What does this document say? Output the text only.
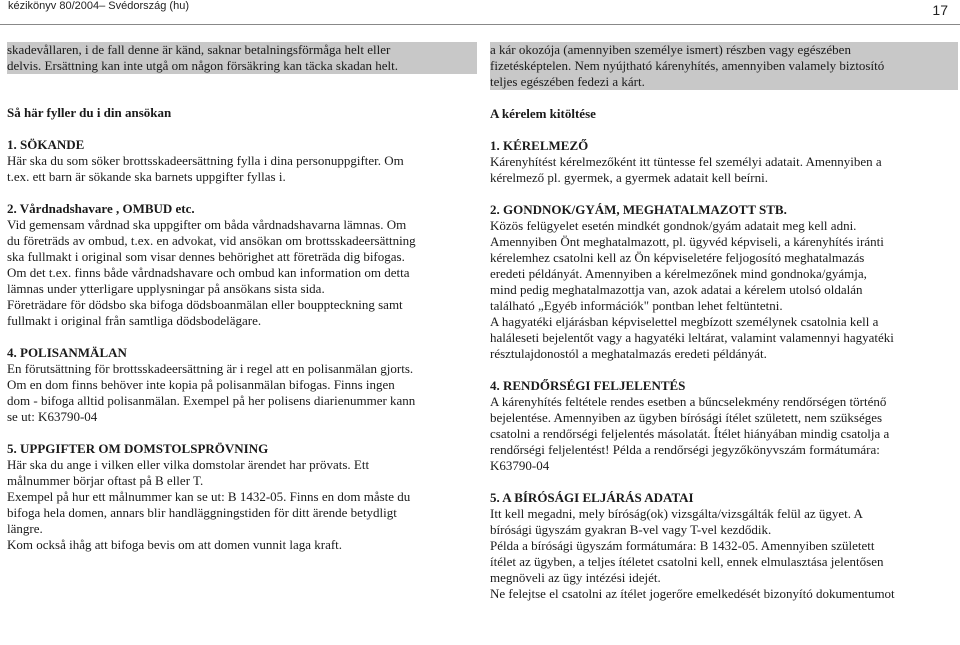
kézikönyv 80/2004– Svédország (hu)	17

skadevållaren, i de fall denne är känd, saknar betalningsförmåga helt eller

delvis. Ersättning kan inte utgå om någon försäkring kan täcka skadan helt.

Så här fyller du i din ansökan

1. SÖKANDE

Här ska du som söker brottsskadeersättning fylla i dina personuppgifter. Om

t.ex. ett barn är sökande ska barnets uppgifter fyllas i.

2. Vårdnadshavare , OMBUD etc.

Vid gemensam vårdnad ska uppgifter om båda vårdnadshavarna lämnas. Om

du företräds av ombud, t.ex. en advokat, vid ansökan om brottsskadeersättning

ska fullmakt i original som visar dennes behörighet att företräda dig bifogas.

Om det t.ex. finns både vårdnadshavare och ombud kan information om detta

lämnas under ytterligare upplysningar på ansökans sista sida.

Företrädare för dödsbo ska bifoga dödsboanmälan eller bouppteckning samt

fullmakt i original från samtliga dödsbodelägare.

4. POLISANMÄLAN

En förutsättning för brottsskadeersättning är i regel att en polisanmälan gjorts.

Om en dom finns behöver inte kopia på polisanmälan bifogas. Finns ingen

dom - bifoga alltid polisanmälan. Exempel på her polisens diarienummer kann

se ut: K63790-04

5. UPPGIFTER OM DOMSTOLSPRÖVNING

Här ska du ange i vilken eller vilka domstolar ärendet har prövats. Ett

målnummer börjar oftast på B eller T.

Exempel på hur ett målnummer kan se ut: B 1432-05. Finns en dom måste du

bifoga hela domen, annars blir handläggningstiden för ditt ärende betydligt

längre.

Kom också ihåg att bifoga bevis om att domen vunnit laga kraft.

a kár okozója (amennyiben személye ismert) részben vagy egészében

fizetésképtelen. Nem nyújtható kárenyhítés, amennyiben valamely biztosító

teljes egészében fedezi a kárt.

A kérelem kitöltése

1. KÉRELMEZŐ

Kárenyhítést kérelmezőként itt tüntesse fel személyi adatait. Amennyiben a

kérelmező pl. gyermek, a gyermek adatait kell beírni.

2. GONDNOK/GYÁM, MEGHATALMAZOTT STB.

Közös felügyelet esetén mindkét gondnok/gyám adatait meg kell adni.

Amennyiben Önt meghatalmazott, pl. ügyvéd képviseli, a kárenyhítés iránti

kérelemhez csatolni kell az Ön képviseletére feljogosító meghatalmazás

eredeti példányát. Amennyiben a kérelmezőnek mind gondnoka/gyámja,

mind pedig meghatalmazottja van, azok adatai a kérelem utolsó oldalán

található „Egyéb információk" pontban lehet feltüntetni.

A hagyatéki eljárásban képviselettel megbízott személynek csatolnia kell a

haláleseti bejelentőt vagy a hagyatéki leltárat, valamint valamennyi hagyatéki

résztulajdonostól a meghatalmazás eredeti példányát.

4. RENDŐRSÉGI FELJELENTÉS

A kárenyhítés feltétele rendes esetben a bűncselekmény rendőrségen történő

bejelentése. Amennyiben az ügyben bírósági ítélet született, nem szükséges

csatolni a rendőrségi feljelentés másolatát. Ítélet hiányában mindig csatolja a

rendőrségi feljelentést! Példa a rendőrségi jegyzőkönyvszám formátumára:

K63790-04

5. A BÍRÓSÁGI ELJÁRÁS ADATAI

Itt kell megadni, mely bíróság(ok) vizsgálta/vizsgálták felül az ügyet. A

bírósági ügyszám gyakran B-vel vagy T-vel kezdődik.

Példa a bírósági ügyszám formátumára: B 1432-05. Amennyiben született

ítélet az ügyben, a teljes ítéletet csatolni kell, ennek elmulasztása jelentősen

megnöveli az ügy intézési idejét.

Ne felejtse el csatolni az ítélet jogerőre emelkedését bizonyító dokumentumot
